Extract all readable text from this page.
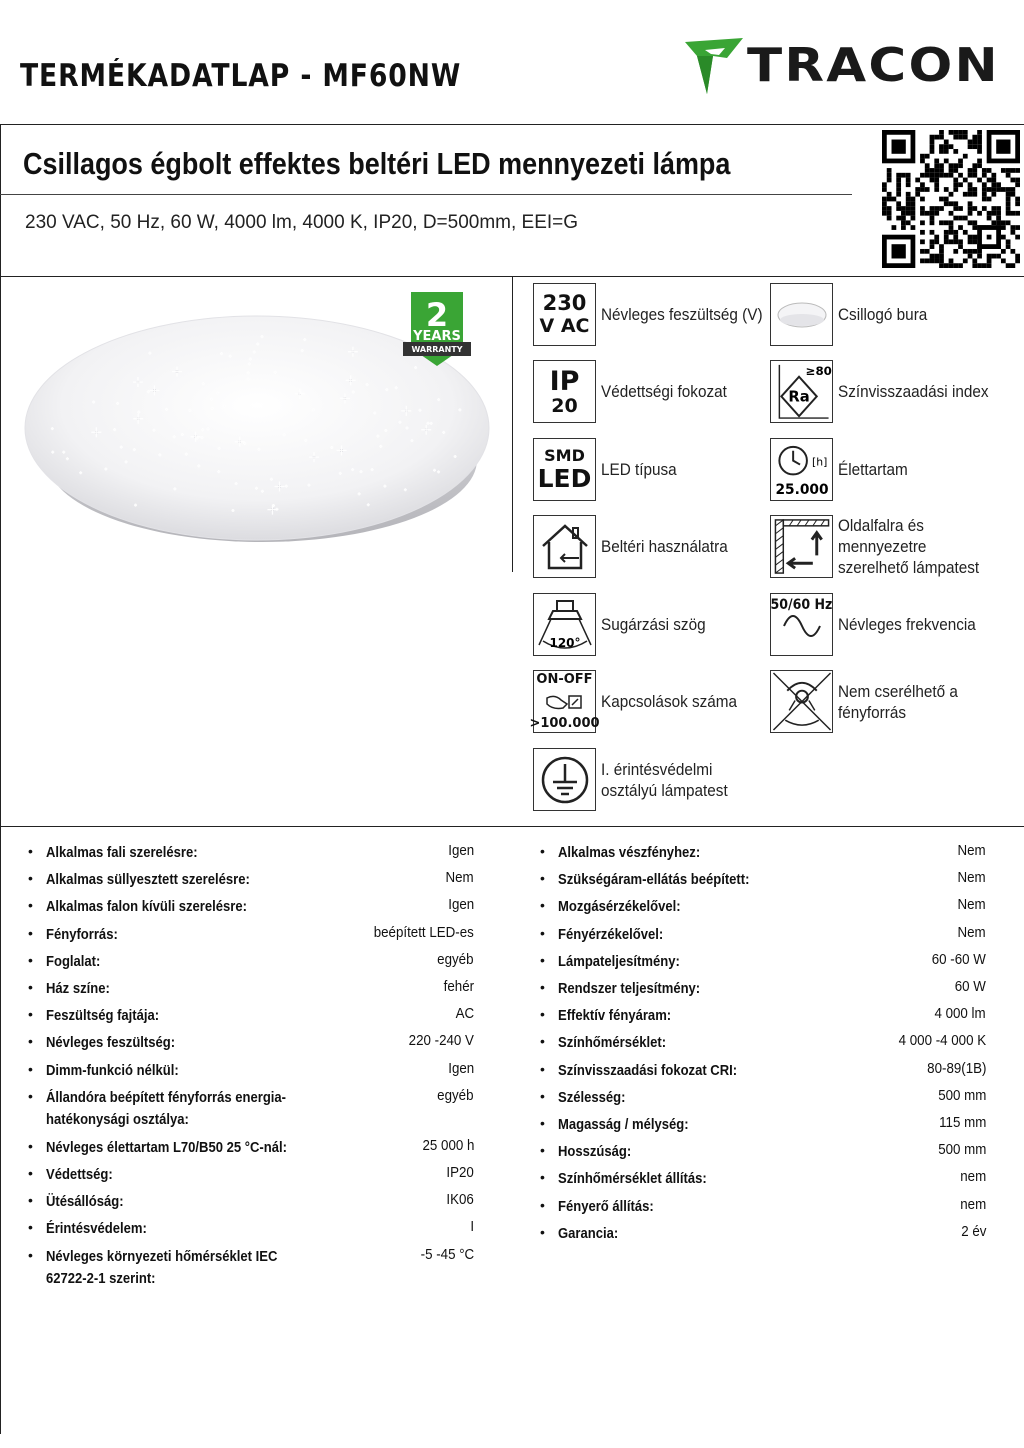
TERMÉKADATLAP - MF60NW	TRACON
Csillagos égbolt effektes beltéri LED mennyezeti lámpa
230 VAC, 50 Hz, 60 W, 4000 lm, 4000 K, IP20, D=500mm, EEI=G
2
YEARS
WARRANTY
230
V AC
Névleges feszültség (V)
IP
20
Védettségi fokozat
SMD
LED LED típusa
Beltéri használatra
120°
Sugárzási szög
ON-OFF
>100.000
Kapcsolások száma
I. érintésvédelmi osztályú lámpatest
Csillogó bura
≥80
Ra Színvisszaadási index
[h]
25.000
Élettartam
Oldalfalra és mennyezetre szerelhető lámpatest
50/60 Hz
Névleges frekvencia
Nem cserélhető a fényforrás
• Alkalmas fali szerelésre:	Igen
• Alkalmas süllyesztett szerelésre:	Nem
• Alkalmas falon kívüli szerelésre:	Igen
• Fényforrás:	beépített LED-es
• Foglalat:	egyéb
• Ház színe:	fehér
• Feszültség fajtája:	AC
• Névleges feszültség:	220 -240 V
• Dimm-funkció nélkül:	Igen
• Állandóra beépített fényforrás energia-hatékonysági osztálya:
egyéb
• Névleges élettartam L70/B50 25 °C-nál:	25 000 h
• Védettség:	IP20
• Ütésállóság:	IK06
• Érintésvédelem:	I
• Névleges környezeti hőmérséklet IEC 62722-2-1 szerint:
-5 -45 °C
• Alkalmas vészfényhez:	Nem
• Szükségáram-ellátás beépített:	Nem
• Mozgásérzékelővel:	Nem
• Fényérzékelővel:	Nem
• Lámpateljesítmény:	60 -60 W
• Rendszer teljesítmény:	60 W
• Effektív fényáram:	4 000 lm
• Színhőmérséklet:	4 000 -4 000 K
• Színvisszaadási fokozat CRI:	80-89(1B)
• Szélesség:	500 mm
• Magasság / mélység:	115 mm
• Hosszúság:	500 mm
• Színhőmérséklet állítás:	nem
• Fényerő állítás:	nem
• Garancia:	2 év
